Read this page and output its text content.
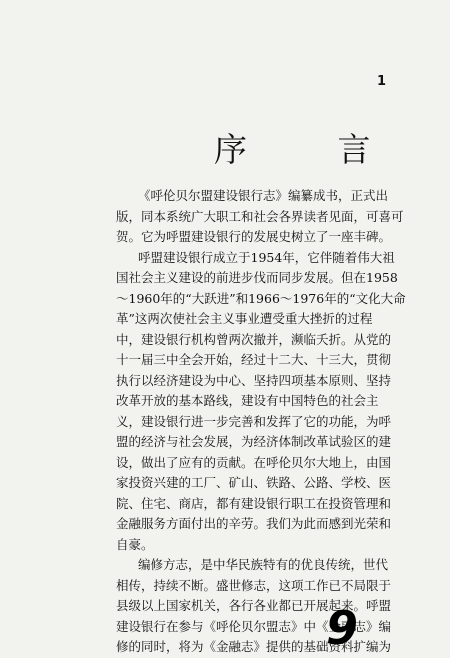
1
序 言
《呼伦贝尔盟建设银行志》编纂成书，正式出
版，同本系统广大职工和社会各界读者见面，可喜可
贺。它为呼盟建设银行的发展史树立了一座丰碑。
呼盟建设银行成立于1954年，它伴随着伟大祖
国社会主义建设的前进步伐而同步发展。但在1958
～1960年的“大跃进”和1966～1976年的“文化大命
革”这两次使社会主义事业遭受重大挫折的过程
中，建设银行机构曾两次撤并，濒临夭折。从党的
十一届三中全会开始，经过十二大、十三大，贯彻
执行以经济建设为中心、坚持四项基本原则、坚持
改革开放的基本路线，建设有中国特色的社会主
义，建设银行进一步完善和发挥了它的功能，为呼
盟的经济与社会发展，为经济体制改革试验区的建
设，做出了应有的贡献。在呼伦贝尔大地上，由国
家投资兴建的工厂、矿山、铁路、公路、学校、医
院、住宅、商店，都有建设银行职工在投资管理和
金融服务方面付出的辛劳。我们为此而感到光荣和
自豪。
编修方志，是中华民族特有的优良传统，世代
相传，持续不断。盛世修志，这项工作已不局限于
县级以上国家机关，各行各业都已开展起来。呼盟
建设银行在参与《呼伦贝尔盟志》中《金融志》编
修的同时，将为《金融志》提供的基础资料扩编为
9
